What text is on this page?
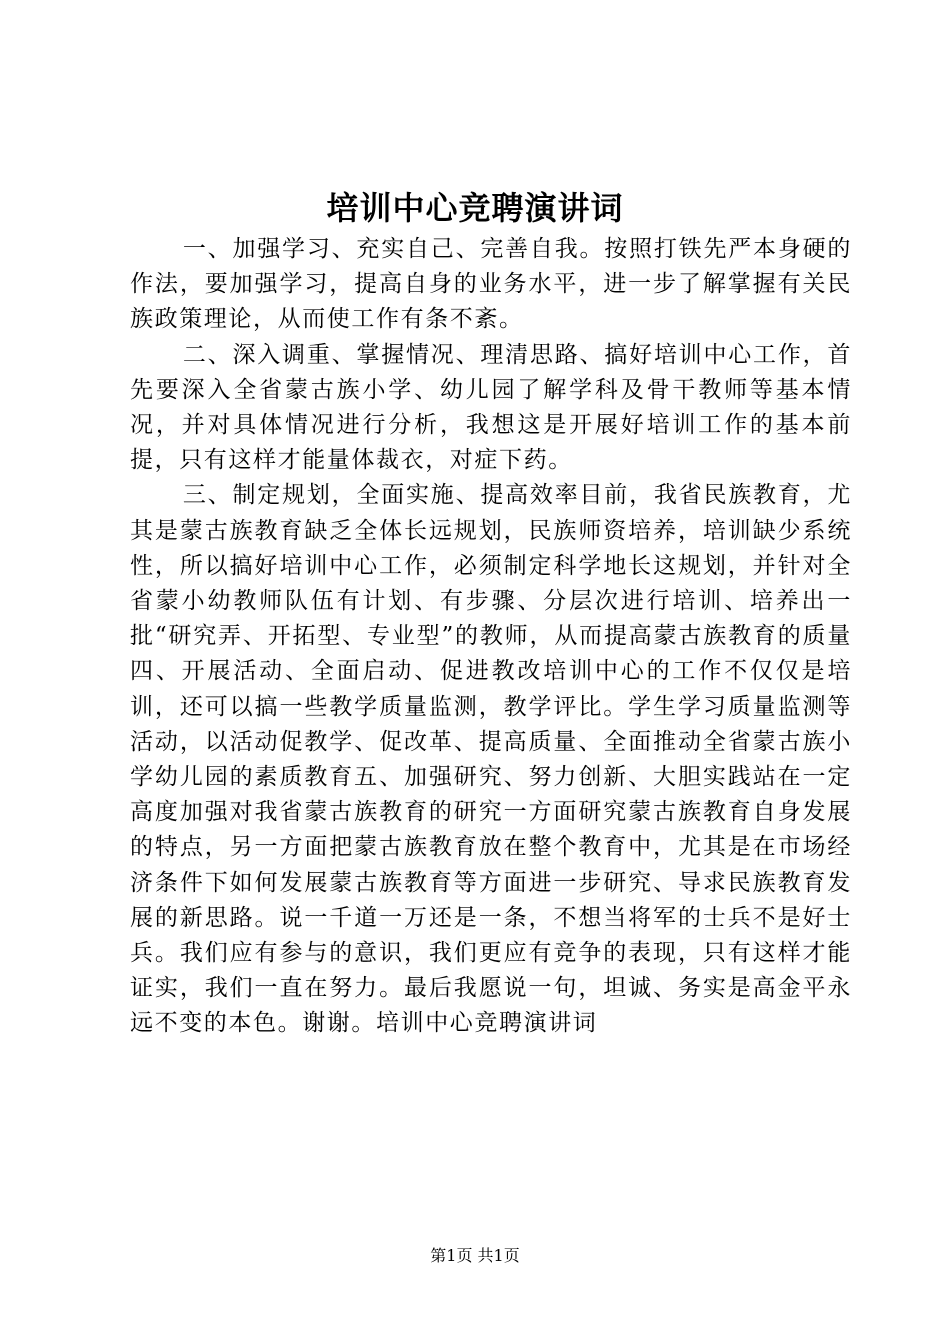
培训中心竞聘演讲词

一、加强学习、充实自己、完善自我。按照打铁先严本身硬的作法，要加强学习，提高自身的业务水平，进一步了解掌握有关民族政策理论，从而使工作有条不紊。

二、深入调重、掌握情况、理清思路、搞好培训中心工作，首先要深入全省蒙古族小学、幼儿园了解学科及骨干教师等基本情况，并对具体情况进行分析，我想这是开展好培训工作的基本前提，只有这样才能量体裁衣，对症下药。

三、制定规划，全面实施、提高效率目前，我省民族教育，尤其是蒙古族教育缺乏全体长远规划，民族师资培养，培训缺少系统性，所以搞好培训中心工作，必须制定科学地长这规划，并针对全省蒙小幼教师队伍有计划、有步骤、分层次进行培训、培养出一批“研究弄、开拓型、专业型”的教师，从而提高蒙古族教育的质量四、开展活动、全面启动、促进教改培训中心的工作不仅仅是培训，还可以搞一些教学质量监测，教学评比。学生学习质量监测等活动，以活动促教学、促改革、提高质量、全面推动全省蒙古族小学幼儿园的素质教育五、加强研究、努力创新、大胆实践站在一定高度加强对我省蒙古族教育的研究一方面研究蒙古族教育自身发展的特点，另一方面把蒙古族教育放在整个教育中，尤其是在市场经济条件下如何发展蒙古族教育等方面进一步研究、导求民族教育发展的新思路。说一千道一万还是一条，不想当将军的士兵不是好士兵。我们应有参与的意识，我们更应有竞争的表现，只有这样才能证实，我们一直在努力。最后我愿说一句，坦诚、务实是高金平永远不变的本色。谢谢。培训中心竞聘演讲词

第1页 共1页
